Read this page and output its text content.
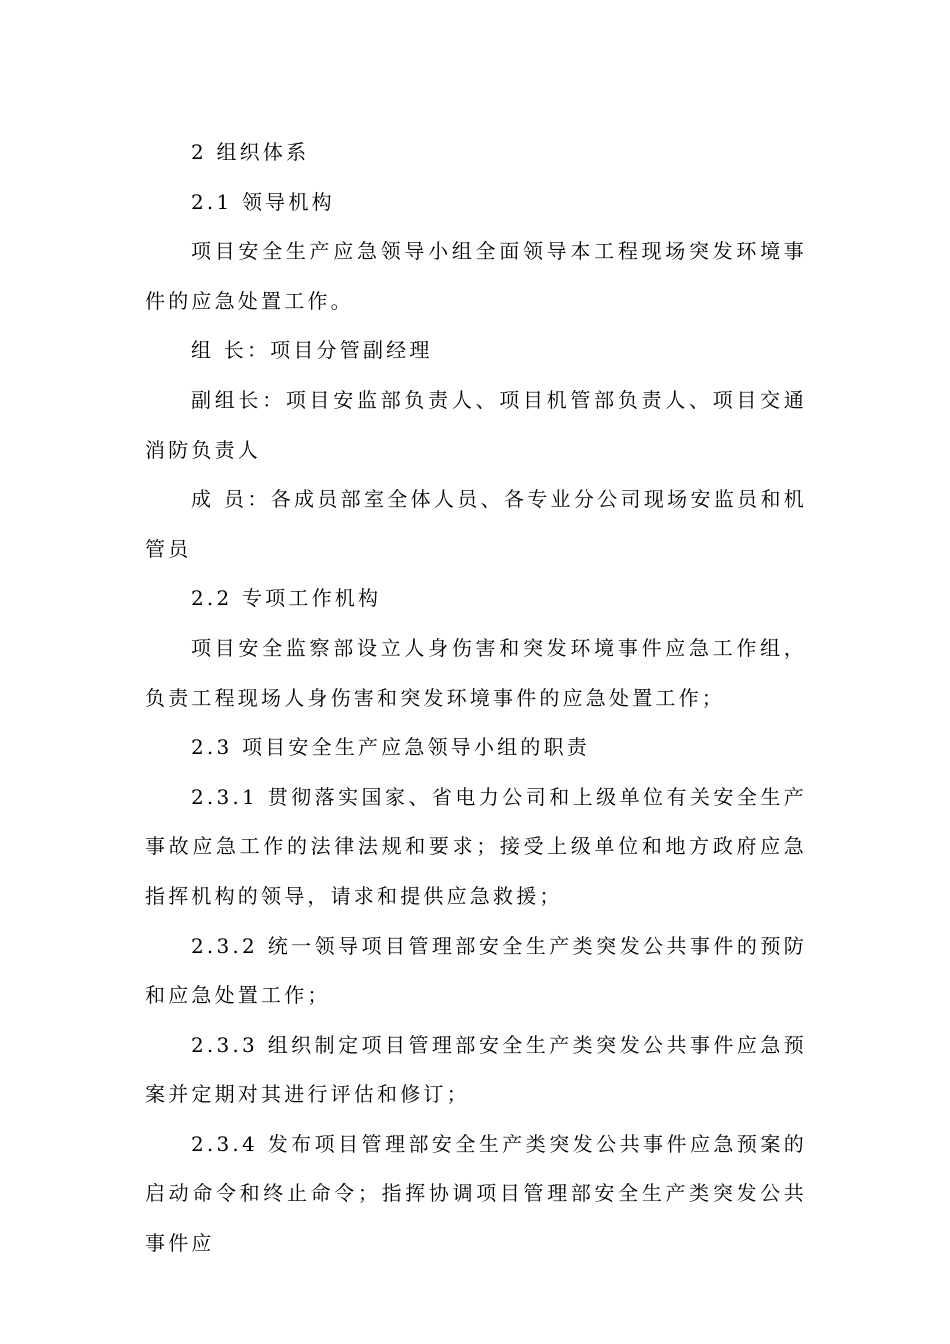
2 组织体系

2.1 领导机构

项目安全生产应急领导小组全面领导本工程现场突发环境事件的应急处置工作。

组 长：项目分管副经理

副组长：项目安监部负责人、项目机管部负责人、项目交通消防负责人

成 员：各成员部室全体人员、各专业分公司现场安监员和机管员

2.2 专项工作机构

项目安全监察部设立人身伤害和突发环境事件应急工作组，负责工程现场人身伤害和突发环境事件的应急处置工作；

2.3 项目安全生产应急领导小组的职责

2.3.1 贯彻落实国家、省电力公司和上级单位有关安全生产事故应急工作的法律法规和要求；接受上级单位和地方政府应急指挥机构的领导，请求和提供应急救援；

2.3.2 统一领导项目管理部安全生产类突发公共事件的预防和应急处置工作；

2.3.3 组织制定项目管理部安全生产类突发公共事件应急预案并定期对其进行评估和修订；

2.3.4 发布项目管理部安全生产类突发公共事件应急预案的启动命令和终止命令；指挥协调项目管理部安全生产类突发公共事件应
